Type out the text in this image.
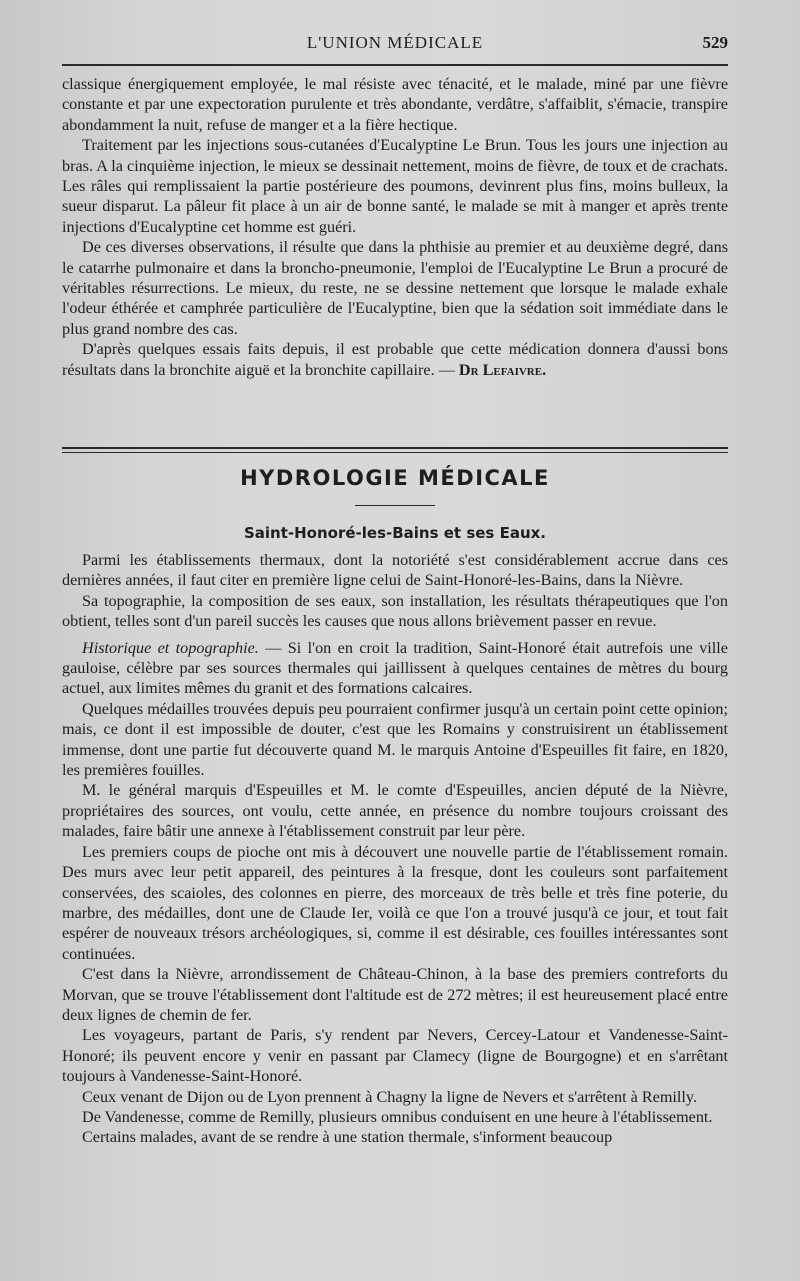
L'UNION MÉDICALE	529

classique énergiquement employée, le mal résiste avec ténacité, et le malade, miné par une fièvre constante et par une expectoration purulente et très abondante, verdâtre, s'affaiblit, s'émacie, transpire abondamment la nuit, refuse de manger et a la fière hectique.

Traitement par les injections sous-cutanées d'Eucalyptine Le Brun. Tous les jours une injection au bras. A la cinquième injection, le mieux se dessinait nettement, moins de fièvre, de toux et de crachats. Les râles qui remplissaient la partie postérieure des poumons, devinrent plus fins, moins bulleux, la sueur disparut. La pâleur fit place à un air de bonne santé, le malade se mit à manger et après trente injections d'Eucalyptine cet homme est guéri.

De ces diverses observations, il résulte que dans la phthisie au premier et au deuxième degré, dans le catarrhe pulmonaire et dans la broncho-pneumonie, l'emploi de l'Eucalyptine Le Brun a procuré de véritables résurrections. Le mieux, du reste, ne se dessine nettement que lorsque le malade exhale l'odeur éthérée et camphrée particulière de l'Eucalyptine, bien que la sédation soit immédiate dans le plus grand nombre des cas.

D'après quelques essais faits depuis, il est probable que cette médication donnera d'aussi bons résultats dans la bronchite aiguë et la bronchite capillaire. — Dr Lefaivre.

HYDROLOGIE MÉDICALE
Saint-Honoré-les-Bains et ses Eaux.

Parmi les établissements thermaux, dont la notoriété s'est considérablement accrue dans ces dernières années, il faut citer en première ligne celui de Saint-Honoré-les-Bains, dans la Nièvre.

Sa topographie, la composition de ses eaux, son installation, les résultats thérapeutiques que l'on obtient, telles sont d'un pareil succès les causes que nous allons brièvement passer en revue.

Historique et topographie. — Si l'on en croit la tradition, Saint-Honoré était autrefois une ville gauloise, célèbre par ses sources thermales qui jaillissent à quelques centaines de mètres du bourg actuel, aux limites mêmes du granit et des formations calcaires.

Quelques médailles trouvées depuis peu pourraient confirmer jusqu'à un certain point cette opinion; mais, ce dont il est impossible de douter, c'est que les Romains y construisirent un établissement immense, dont une partie fut découverte quand M. le marquis Antoine d'Espeuilles fit faire, en 1820, les premières fouilles.

M. le général marquis d'Espeuilles et M. le comte d'Espeuilles, ancien député de la Nièvre, propriétaires des sources, ont voulu, cette année, en présence du nombre toujours croissant des malades, faire bâtir une annexe à l'établissement construit par leur père.

Les premiers coups de pioche ont mis à découvert une nouvelle partie de l'établissement romain. Des murs avec leur petit appareil, des peintures à la fresque, dont les couleurs sont parfaitement conservées, des scaioles, des colonnes en pierre, des morceaux de très belle et très fine poterie, du marbre, des médailles, dont une de Claude Ier, voilà ce que l'on a trouvé jusqu'à ce jour, et tout fait espérer de nouveaux trésors archéologiques, si, comme il est désirable, ces fouilles intéressantes sont continuées.

C'est dans la Nièvre, arrondissement de Château-Chinon, à la base des premiers contreforts du Morvan, que se trouve l'établissement dont l'altitude est de 272 mètres; il est heureusement placé entre deux lignes de chemin de fer.

Les voyageurs, partant de Paris, s'y rendent par Nevers, Cercey-Latour et Vandenesse-Saint-Honoré; ils peuvent encore y venir en passant par Clamecy (ligne de Bourgogne) et en s'arrêtant toujours à Vandenesse-Saint-Honoré.

Ceux venant de Dijon ou de Lyon prennent à Chagny la ligne de Nevers et s'arrêtent à Remilly.

De Vandenesse, comme de Remilly, plusieurs omnibus conduisent en une heure à l'établissement.

Certains malades, avant de se rendre à une station thermale, s'informent beaucoup
